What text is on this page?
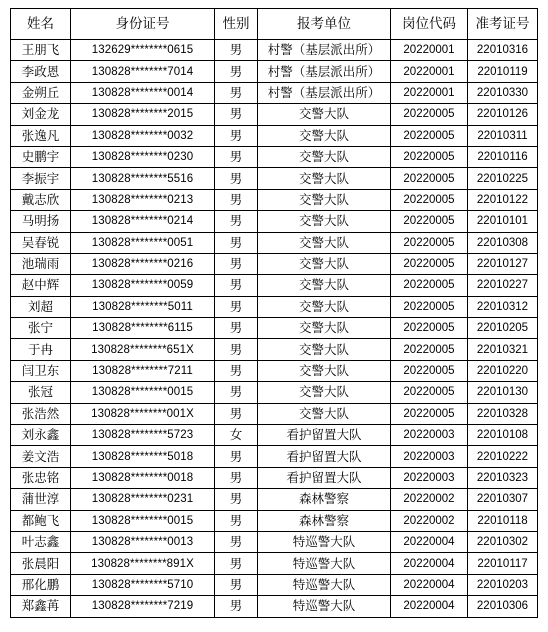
姓名	身份证号	性别	报考单位	岗位代码	准考证号
王朋飞	132629********0615	男	村警（基层派出所）	20220001	22010316
李政恩	130828********7014	男	村警（基层派出所）	20220001	22010119
金朔丘	130828********0014	男	村警（基层派出所）	20220001	22010330
刘金龙	130828********2015	男	交警大队	20220005	22010126
张逸凡	130828********0032	男	交警大队	20220005	22010311
史鹏宇	130828********0230	男	交警大队	20220005	22010116
李振宇	130828********5516	男	交警大队	20220005	22010225
戴志欣	130828********0213	男	交警大队	20220005	22010122
马明扬	130828********0214	男	交警大队	20220005	22010101
吴春锐	130828********0051	男	交警大队	20220005	22010308
池瑞雨	130828********0216	男	交警大队	20220005	22010127
赵中辉	130828********0059	男	交警大队	20220005	22010227
刘超	130828********5011	男	交警大队	20220005	22010312
张宁	130828********6115	男	交警大队	20220005	22010205
于冉	130828********651X	男	交警大队	20220005	22010321
闫卫东	130828********7211	男	交警大队	20220005	22010220
张冠	130828********0015	男	交警大队	20220005	22010130
张浩然	130828********001X	男	交警大队	20220005	22010328
刘永鑫	130828********5723	女	看护留置大队	20220003	22010108
姜文浩	130828********5018	男	看护留置大队	20220003	22010222
张忠铭	130828********0018	男	看护留置大队	20220003	22010323
蒲世淳	130828********0231	男	森林警察	20220002	22010307
都鲍飞	130828********0015	男	森林警察	20220002	22010118
叶志鑫	130828********0013	男	特巡警大队	20220004	22010302
张晨阳	130828********891X	男	特巡警大队	20220004	22010117
邢化鹏	130828********5710	男	特巡警大队	20220004	22010203
郑鑫苒	130828********7219	男	特巡警大队	20220004	22010306
